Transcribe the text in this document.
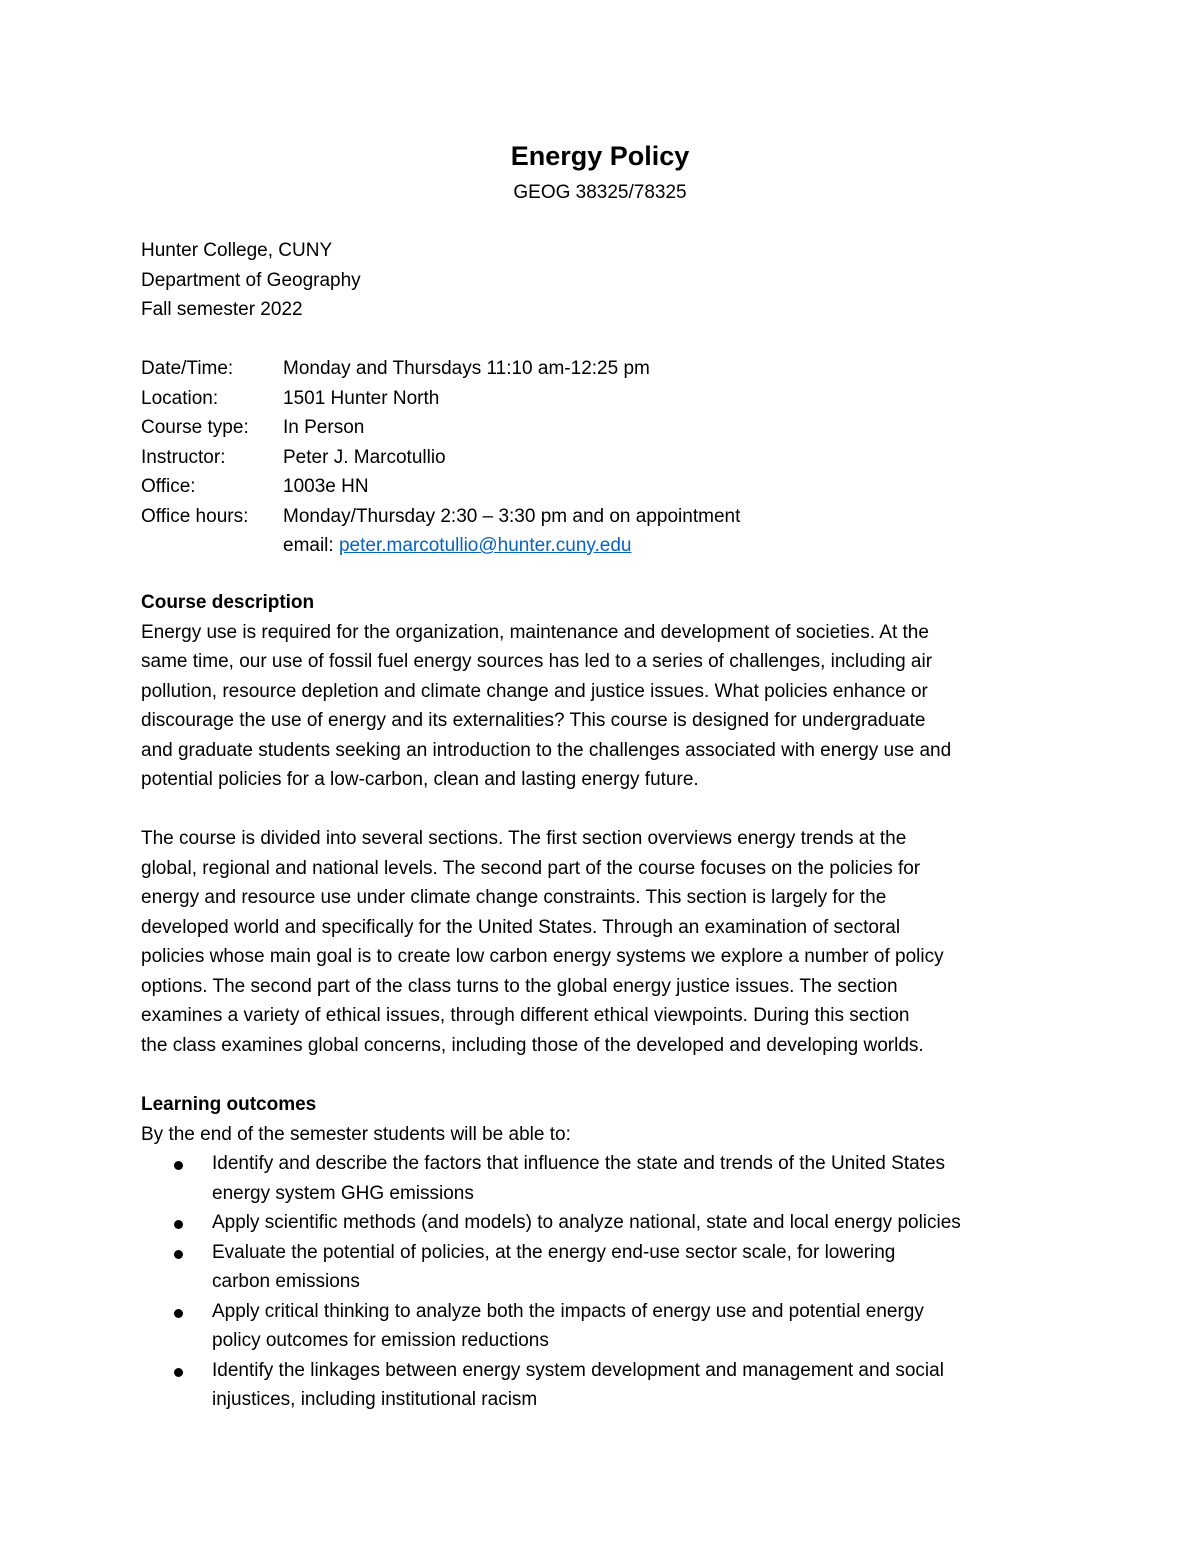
Energy Policy
GEOG 38325/78325
Hunter College, CUNY
Department of Geography
Fall semester 2022
Date/Time:	Monday and Thursdays 11:10 am-12:25 pm
Location:	1501 Hunter North
Course type:	In Person
Instructor:	Peter J. Marcotullio
Office:	1003e HN
Office hours:	Monday/Thursday 2:30 – 3:30 pm and on appointment
email: peter.marcotullio@hunter.cuny.edu
Course description
Energy use is required for the organization, maintenance and development of societies. At the
same time, our use of fossil fuel energy sources has led to a series of challenges, including air
pollution, resource depletion and climate change and justice issues. What policies enhance or
discourage the use of energy and its externalities? This course is designed for undergraduate
and graduate students seeking an introduction to the challenges associated with energy use and
potential policies for a low-carbon, clean and lasting energy future.
The course is divided into several sections. The first section overviews energy trends at the
global, regional and national levels. The second part of the course focuses on the policies for
energy and resource use under climate change constraints. This section is largely for the
developed world and specifically for the United States. Through an examination of sectoral
policies whose main goal is to create low carbon energy systems we explore a number of policy
options. The second part of the class turns to the global energy justice issues. The section
examines a variety of ethical issues, through different ethical viewpoints. During this section
the class examines global concerns, including those of the developed and developing worlds.
Learning outcomes
By the end of the semester students will be able to:
Identify and describe the factors that influence the state and trends of the United States
energy system GHG emissions
Apply scientific methods (and models) to analyze national, state and local energy policies
Evaluate the potential of policies, at the energy end-use sector scale, for lowering
carbon emissions
Apply critical thinking to analyze both the impacts of energy use and potential energy
policy outcomes for emission reductions
Identify the linkages between energy system development and management and social
injustices, including institutional racism
